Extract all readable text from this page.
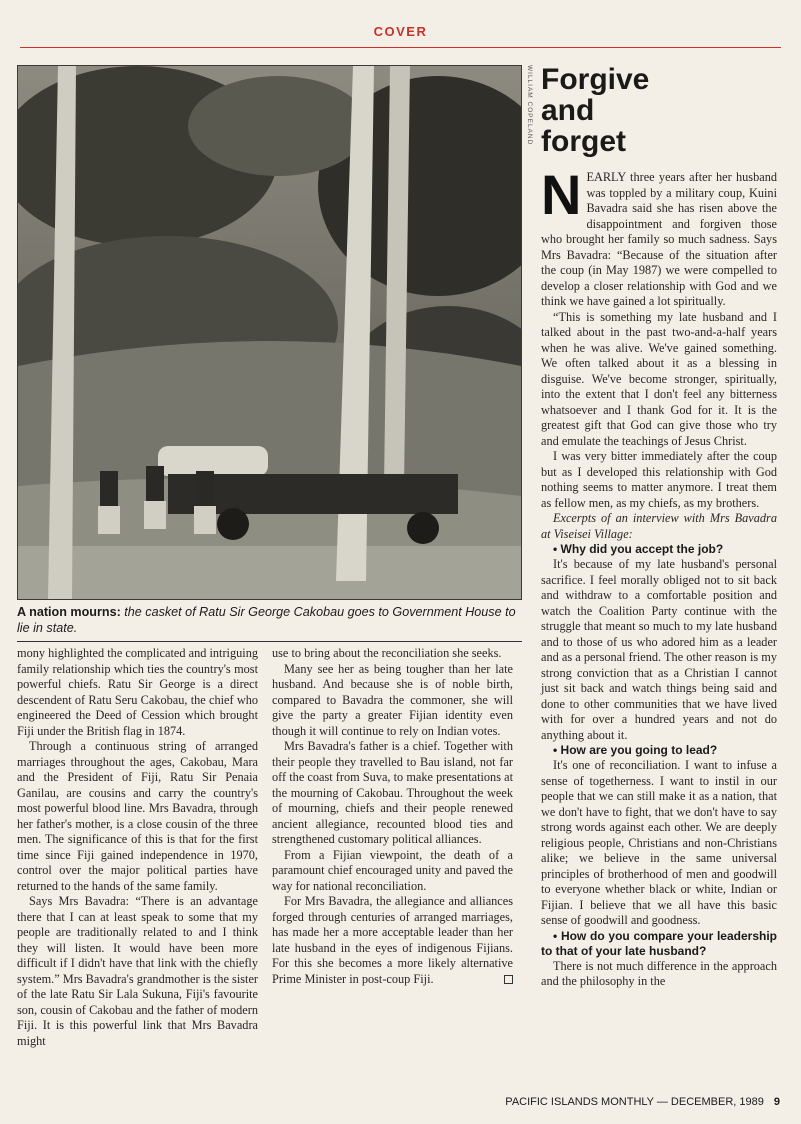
COVER
WILLIAM COPELAND
A nation mourns: the casket of Ratu Sir George Cakobau goes to Government House to lie in state.
Forgive
and
forget

NEARLY three years after her husband was toppled by a military coup, Kuini Bavadra said she has risen above the disappointment and forgiven those who brought her family so much sadness. Says Mrs Bavadra: “Because of the situation after the coup (in May 1987) we were compelled to develop a closer relationship with God and we think we have gained a lot spiritually.

“This is something my late husband and I talked about in the past two-and-a-half years when he was alive. We've gained something. We often talked about it as a blessing in disguise. We've become stronger, spiritually, into the extent that I don't feel any bitterness whatsoever and I thank God for it. It is the greatest gift that God can give those who try and emulate the teachings of Jesus Christ.

I was very bitter immediately after the coup but as I developed this relationship with God nothing seems to matter anymore. I treat them as fellow men, as my chiefs, as my brothers.

Excerpts of an interview with Mrs Bavadra at Viseisei Village:

• Why did you accept the job?

It's because of my late husband's personal sacrifice. I feel morally obliged not to sit back and withdraw to a comfortable position and watch the Coalition Party continue with the struggle that meant so much to my late husband and to those of us who adored him as a leader and as a personal friend. The other reason is my strong conviction that as a Christian I cannot just sit back and watch things being said and done to other communities that we have lived with for over a hundred years and not do anything about it.

• How are you going to lead?

It's one of reconciliation. I want to infuse a sense of togetherness. I want to instil in our people that we can still make it as a nation, that we don't have to fight, that we don't have to say strong words against each other. We are deeply religious people, Christians and non-Christians alike; we believe in the same universal principles of brotherhood of men and goodwill to everyone whether black or white, Indian or Fijian. I believe that we all have this basic sense of goodwill and goodness.

• How do you compare your leadership to that of your late husband?

There is not much difference in the approach and the philosophy in the

mony highlighted the complicated and intriguing family relationship which ties the country's most powerful chiefs. Ratu Sir George is a direct descendent of Ratu Seru Cakobau, the chief who engineered the Deed of Cession which brought Fiji under the British flag in 1874.

Through a continuous string of arranged marriages throughout the ages, Cakobau, Mara and the President of Fiji, Ratu Sir Penaia Ganilau, are cousins and carry the country's most powerful blood line. Mrs Bavadra, through her father's mother, is a close cousin of the three men. The significance of this is that for the first time since Fiji gained independence in 1970, control over the major political parties have returned to the hands of the same family.

Says Mrs Bavadra: “There is an advantage there that I can at least speak to some that my people are traditionally related to and I think they will listen. It would have been more difficult if I didn't have that link with the chiefly system.” Mrs Bavadra's grandmother is the sister of the late Ratu Sir Lala Sukuna, Fiji's favourite son, cousin of Cakobau and the father of modern Fiji. It is this powerful link that Mrs Bavadra might

use to bring about the reconciliation she seeks.

Many see her as being tougher than her late husband. And because she is of noble birth, compared to Bavadra the commoner, she will give the party a greater Fijian identity even though it will continue to rely on Indian votes.

Mrs Bavadra's father is a chief. Together with their people they travelled to Bau island, not far off the coast from Suva, to make presentations at the mourning of Cakobau. Throughout the week of mourning, chiefs and their people renewed ancient allegiance, recounted blood ties and strengthened customary political alliances.

From a Fijian viewpoint, the death of a paramount chief encouraged unity and paved the way for national reconciliation.

For Mrs Bavadra, the allegiance and alliances forged through centuries of arranged marriages, has made her a more acceptable leader than her late husband in the eyes of indigenous Fijians. For this she becomes a more likely alternative Prime Minister in post-coup Fiji.

PACIFIC ISLANDS MONTHLY — DECEMBER, 1989 9
